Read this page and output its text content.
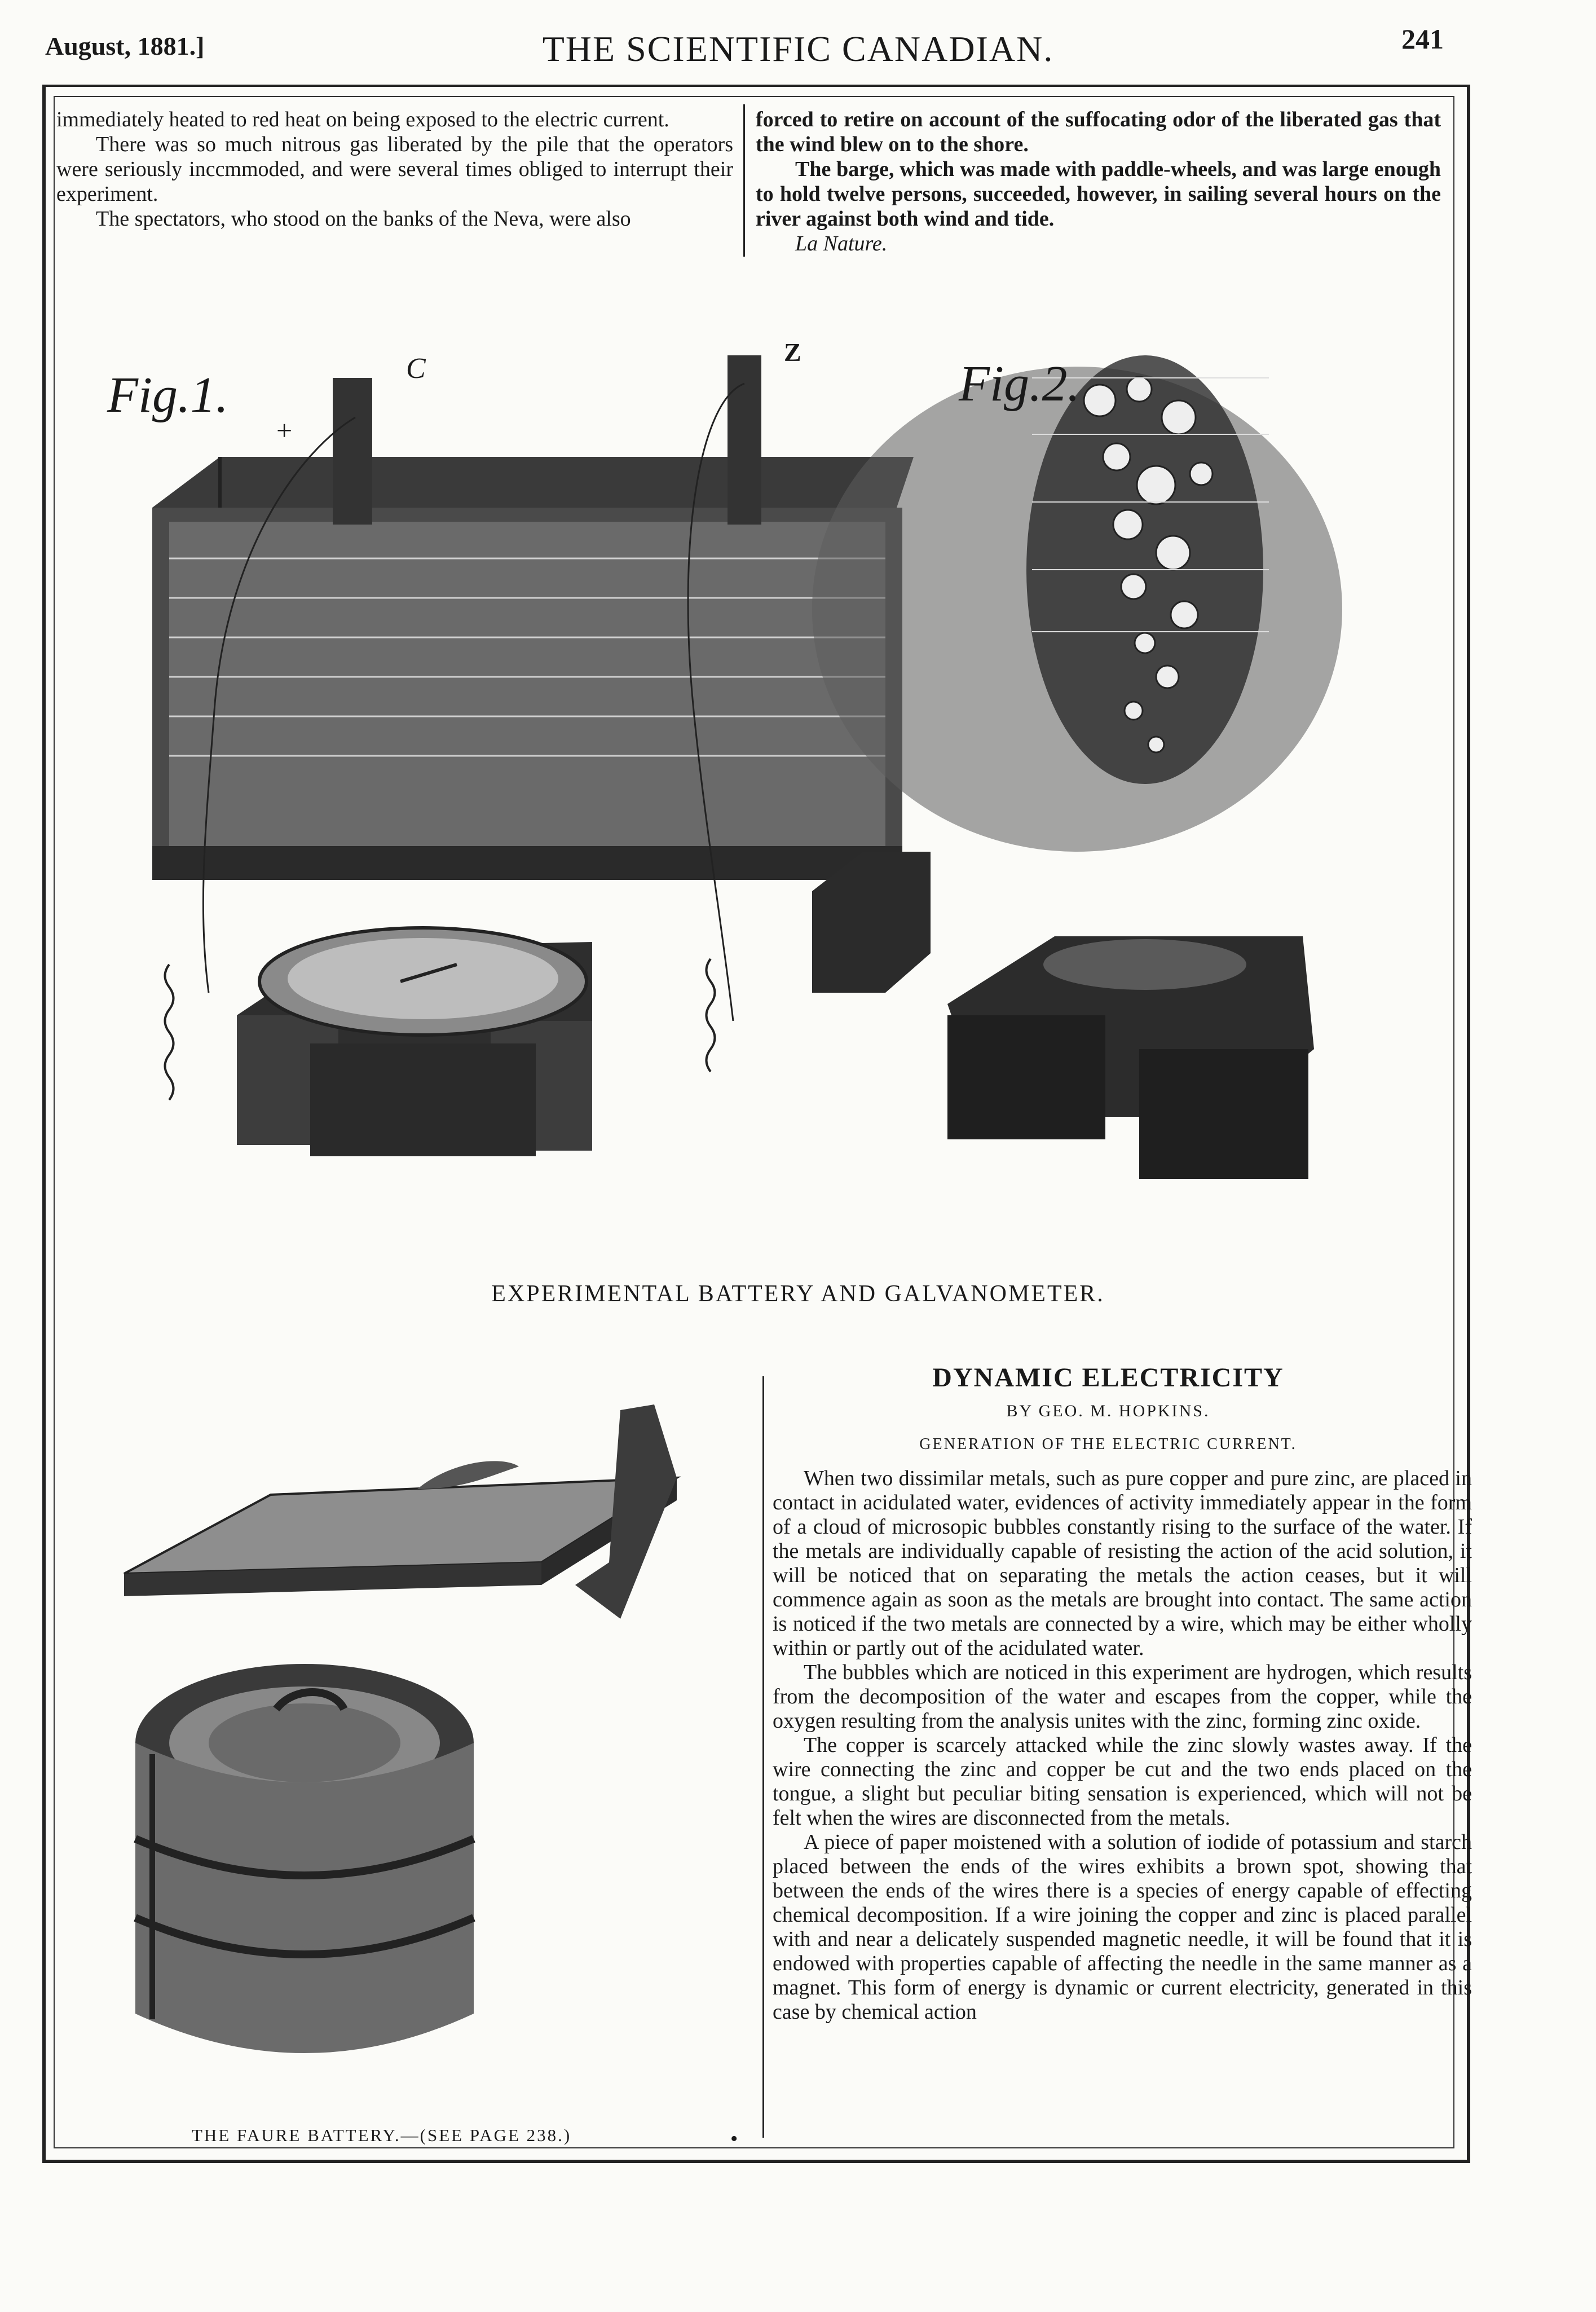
August, 1881.]	THE SCIENTIFIC CANADIAN.	241

immediately heated to red heat on being exposed to the electric current.

There was so much nitrous gas liberated by the pile that the operators were seriously inccmmoded, and were several times obliged to interrupt their experiment.

The spectators, who stood on the banks of the Neva, were also

forced to retire on account of the suffocating odor of the liberated gas that the wind blew on to the shore.

The barge, which was made with paddle-wheels, and was large enough to hold twelve persons, succeeded, however, in sailing several hours on the river against both wind and tide.

La Nature.

Fig.1.
+
C
Z
Fig.2.
EXPERIMENTAL BATTERY AND GALVANOMETER.
THE FAURE BATTERY.—(SEE PAGE 238.)	•
DYNAMIC ELECTRICITY
BY GEO. M. HOPKINS.
GENERATION OF THE ELECTRIC CURRENT.

When two dissimilar metals, such as pure copper and pure zinc, are placed in contact in acidulated water, evidences of activity immediately appear in the form of a cloud of microsopic bubbles constantly rising to the surface of the water. If the metals are individually capable of resisting the action of the acid solution, it will be noticed that on separating the metals the action ceases, but it will commence again as soon as the metals are brought into contact. The same action is noticed if the two metals are connected by a wire, which may be either wholly within or partly out of the acidulated water.

The bubbles which are noticed in this experiment are hydrogen, which results from the decomposition of the water and escapes from the copper, while the oxygen resulting from the analysis unites with the zinc, forming zinc oxide.

The copper is scarcely attacked while the zinc slowly wastes away. If the wire connecting the zinc and copper be cut and the two ends placed on the tongue, a slight but peculiar biting sensation is experienced, which will not be felt when the wires are disconnected from the metals.

A piece of paper moistened with a solution of iodide of potassium and starch placed between the ends of the wires exhibits a brown spot, showing that between the ends of the wires there is a species of energy capable of effecting chemical decomposition. If a wire joining the copper and zinc is placed parallel with and near a delicately suspended magnetic needle, it will be found that it is endowed with properties capable of affecting the needle in the same manner as a magnet. This form of energy is dynamic or current electricity, generated in this case by chemical action
